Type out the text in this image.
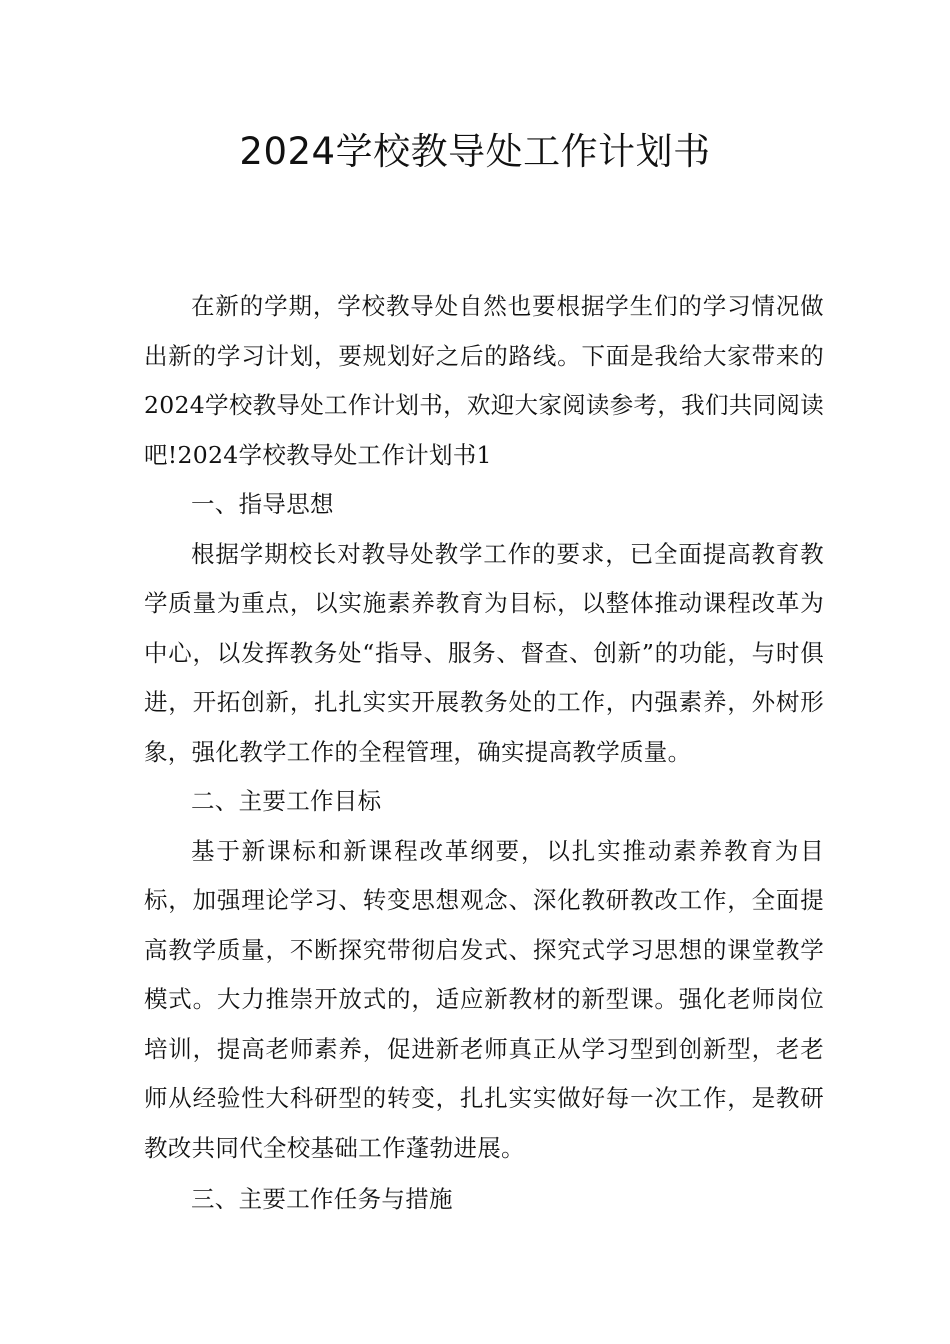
2024学校教导处工作计划书

在新的学期，学校教导处自然也要根据学生们的学习情况做出新的学习计划，要规划好之后的路线。下面是我给大家带来的2024学校教导处工作计划书，欢迎大家阅读参考，我们共同阅读吧!2024学校教导处工作计划书1

一、指导思想

根据学期校长对教导处教学工作的要求，已全面提高教育教学质量为重点，以实施素养教育为目标，以整体推动课程改革为中心，以发挥教务处“指导、服务、督查、创新”的功能，与时俱进，开拓创新，扎扎实实开展教务处的工作，内强素养，外树形象，强化教学工作的全程管理，确实提高教学质量。

二、主要工作目标

基于新课标和新课程改革纲要，以扎实推动素养教育为目标，加强理论学习、转变思想观念、深化教研教改工作，全面提高教学质量，不断探究带彻启发式、探究式学习思想的课堂教学模式。大力推崇开放式的，适应新教材的新型课。强化老师岗位培训，提高老师素养，促进新老师真正从学习型到创新型，老老师从经验性大科研型的转变，扎扎实实做好每一次工作，是教研教改共同代全校基础工作蓬勃进展。

三、主要工作任务与措施
